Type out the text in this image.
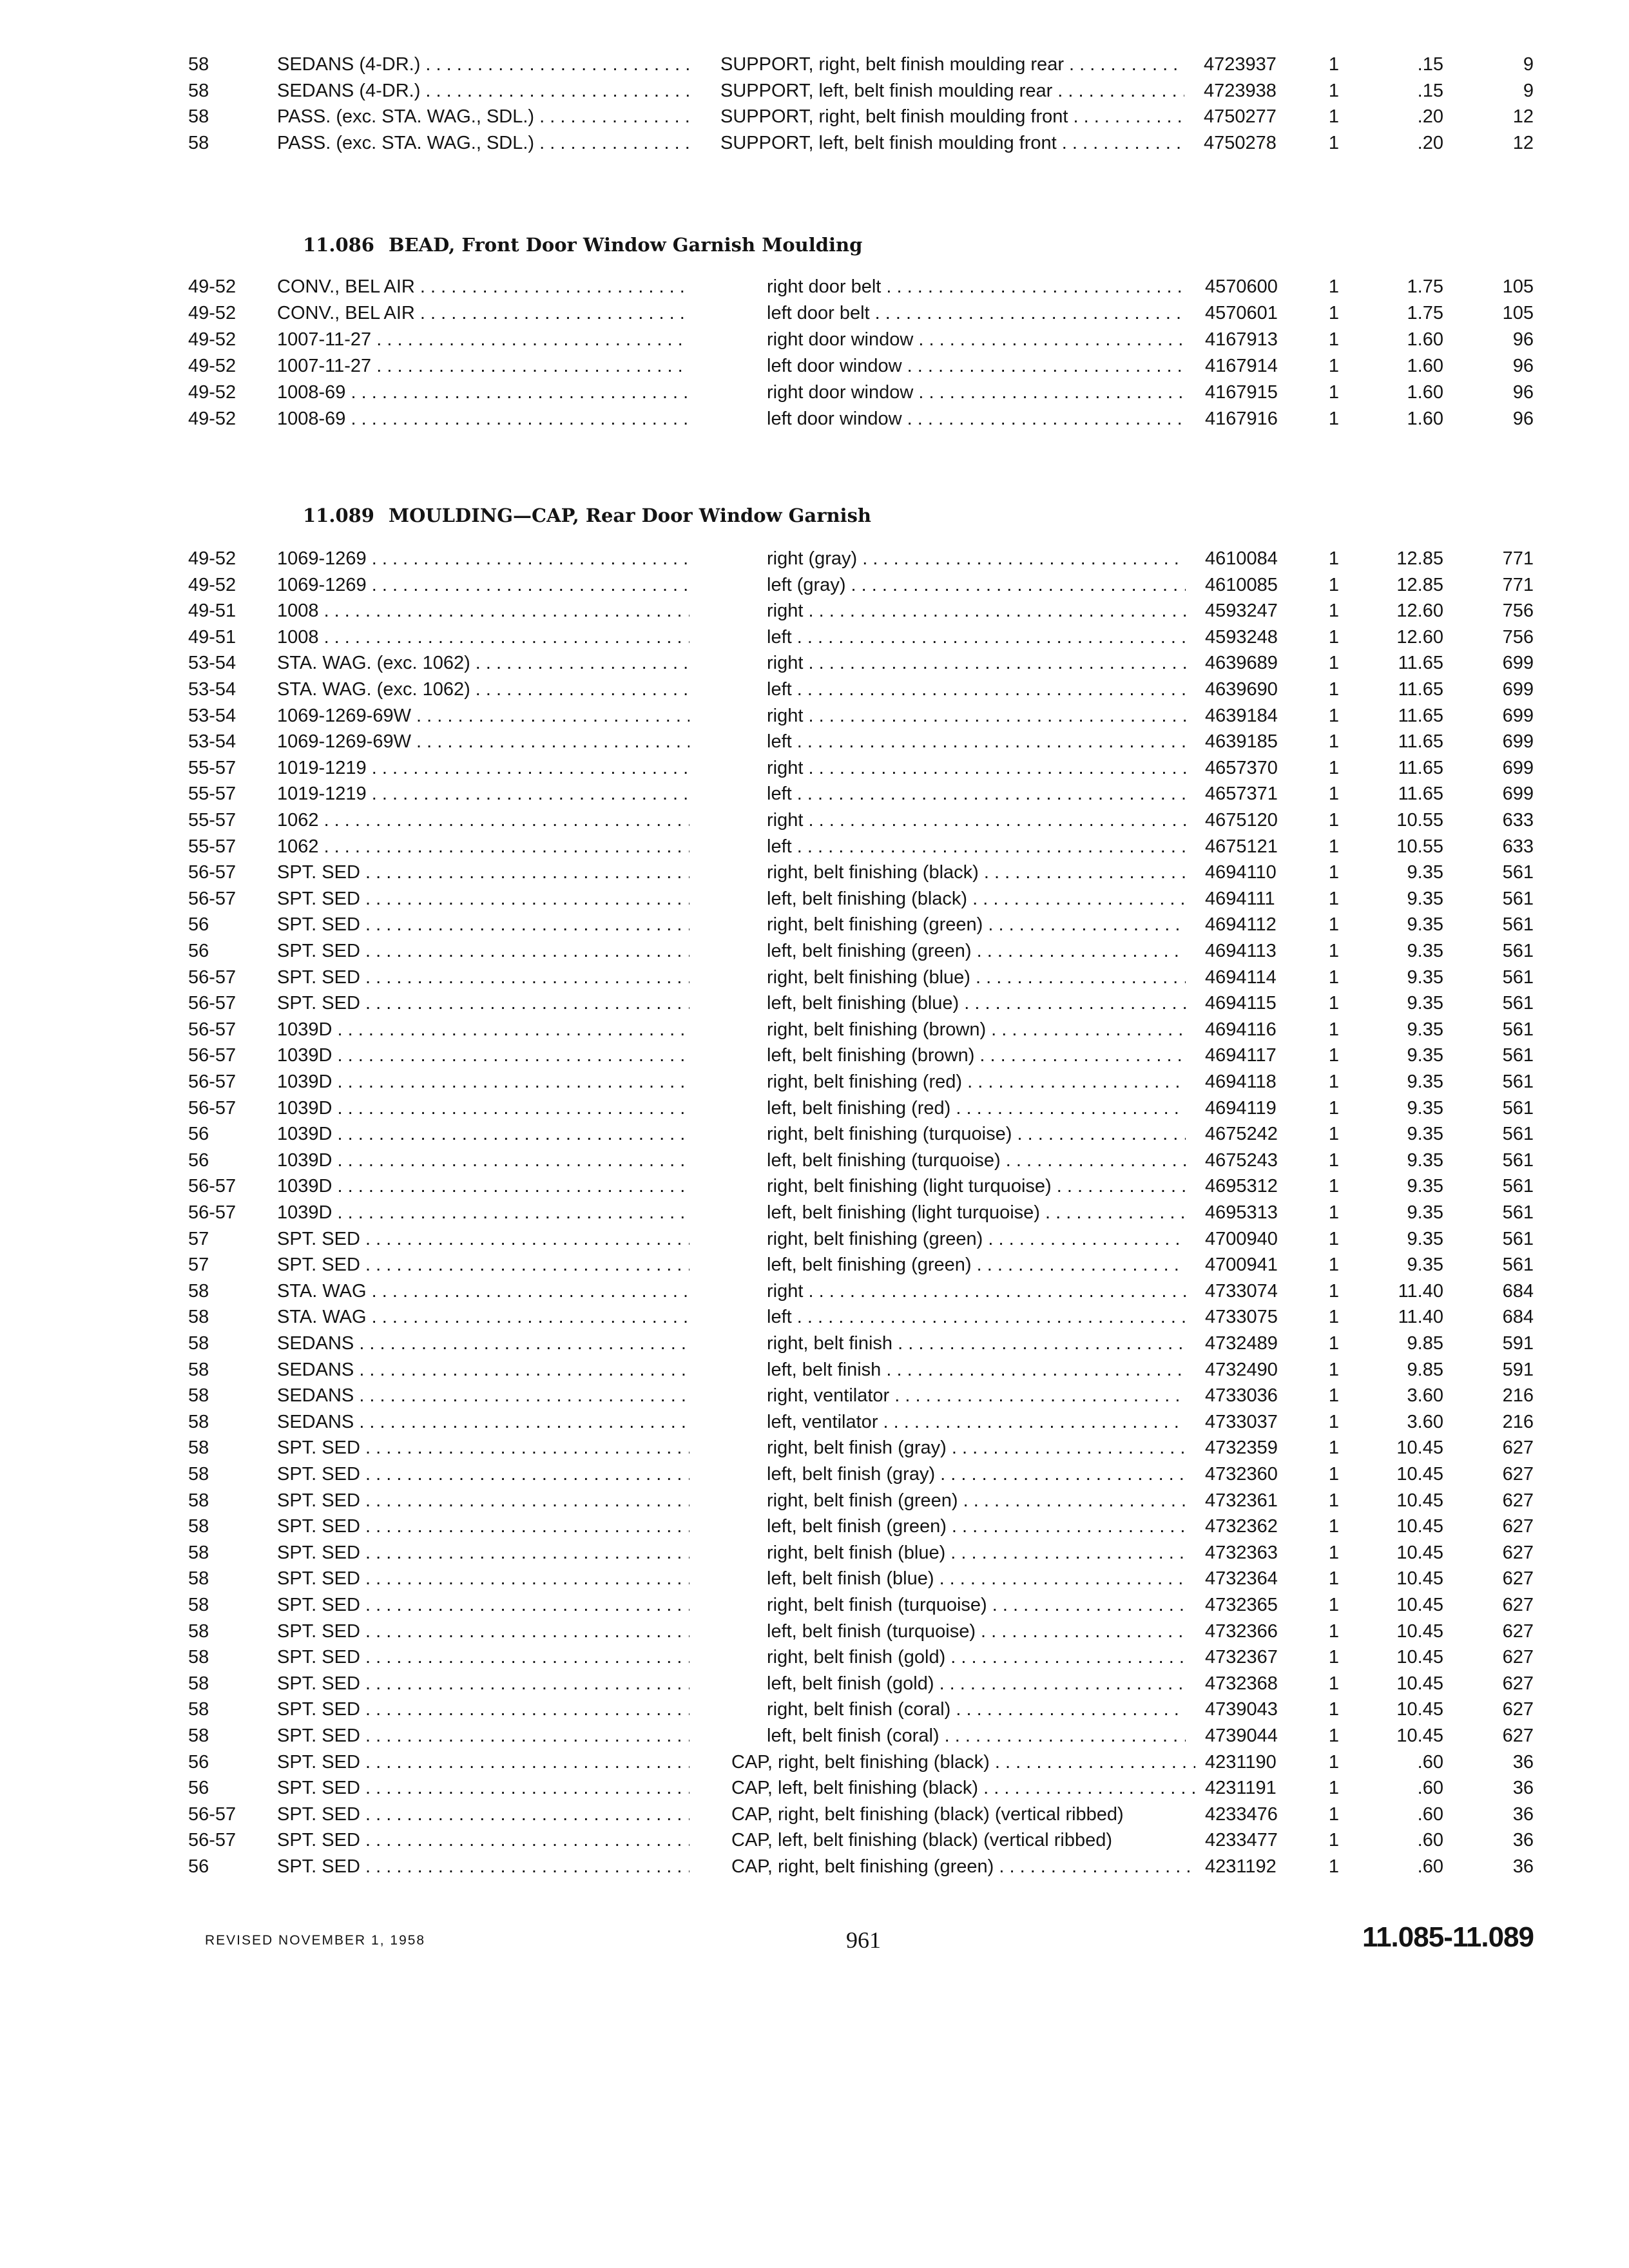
58	SEDANS (4-DR.) . . .	SUPPORT, right, belt finish moulding rear . . .	4723937	1	.15	9
58	SEDANS (4-DR.) . . .	SUPPORT, left, belt finish moulding rear . . .	4723938	1	.15	9
58	PASS. (exc. STA. WAG., SDL.) . . .	SUPPORT, right, belt finish moulding front . . .	4750277	1	.20	12
58	PASS. (exc. STA. WAG., SDL.) . . .	SUPPORT, left, belt finish moulding front . . .	4750278	1	.20	12
11.086 BEAD, Front Door Window Garnish Moulding
49-52 CONV., BEL AIR . . .	right door belt . . .	4570600	1	1.75	105
49-52 CONV., BEL AIR . . .	left door belt . . .	4570601	1	1.75	105
49-52 1007-11-27 . . .	right door window . . .	4167913	1	1.60	96
49-52 1007-11-27 . . .	left door window . . .	4167914	1	1.60	96
49-52 1008-69 . . .	right door window . . .	4167915	1	1.60	96
49-52 1008-69 . . .	left door window . . .	4167916	1	1.60	96
11.089 MOULDING—CAP, Rear Door Window Garnish
49-52 1069-1269 . . .	right (gray) . . .	4610084	1	12.85	771
49-52 1069-1269 . . .	left (gray) . . .	4610085	1	12.85	771
49-51 1008 . . .	right . . .	4593247	1	12.60	756
49-51 1008 . . .	left . . .	4593248	1	12.60	756
53-54 STA. WAG. (exc. 1062) . . .	right . . .	4639689	1	11.65	699
53-54 STA. WAG. (exc. 1062) . . .	left . . .	4639690	1	11.65	699
53-54 1069-1269-69W . . .	right . . .	4639184	1	11.65	699
53-54 1069-1269-69W . . .	left . . .	4639185	1	11.65	699
55-57 1019-1219 . . .	right . . .	4657370	1	11.65	699
55-57 1019-1219 . . .	left . . .	4657371	1	11.65	699
55-57 1062 . . .	right . . .	4675120	1	10.55	633
55-57 1062 . . .	left . . .	4675121	1	10.55	633
56-57 SPT. SED . . .	right, belt finishing (black) . . .	4694110	1	9.35	561
56-57 SPT. SED . . .	left, belt finishing (black) . . .	4694111	1	9.35	561
56	SPT. SED . . .	right, belt finishing (green) . . .	4694112	1	9.35	561
56	SPT. SED . . .	left, belt finishing (green) . . .	4694113	1	9.35	561
56-57 SPT. SED . . .	right, belt finishing (blue) . . .	4694114	1	9.35	561
56-57 SPT. SED . . .	left, belt finishing (blue) . . .	4694115	1	9.35	561
56-57 1039D . . .	right, belt finishing (brown) . . .	4694116	1	9.35	561
56-57 1039D . . .	left, belt finishing (brown) . . .	4694117	1	9.35	561
56-57 1039D . . .	right, belt finishing (red) . . .	4694118	1	9.35	561
56-57 1039D . . .	left, belt finishing (red) . . .	4694119	1	9.35	561
56	1039D . . .	right, belt finishing (turquoise) . . .	4675242	1	9.35	561
56	1039D . . .	left, belt finishing (turquoise) . . .	4675243	1	9.35	561
56-57 1039D . . .	right, belt finishing (light turquoise) . . .	4695312	1	9.35	561
56-57 1039D . . .	left, belt finishing (light turquoise) . . .	4695313	1	9.35	561
57	SPT. SED . . .	right, belt finishing (green) . . .	4700940	1	9.35	561
57	SPT. SED . . .	left, belt finishing (green) . . .	4700941	1	9.35	561
58	STA. WAG . . .	right . . .	4733074	1	11.40	684
58	STA. WAG . . .	left . . .	4733075	1	11.40	684
58	SEDANS . . .	right, belt finish . . .	4732489	1	9.85	591
58	SEDANS . . .	left, belt finish . . .	4732490	1	9.85	591
58	SEDANS . . .	right, ventilator . . .	4733036	1	3.60	216
58	SEDANS . . .	left, ventilator . . .	4733037	1	3.60	216
58	SPT. SED . . .	right, belt finish (gray) . . .	4732359	1	10.45	627
58	SPT. SED . . .	left, belt finish (gray) . . .	4732360	1	10.45	627
58	SPT. SED . . .	right, belt finish (green) . . .	4732361	1	10.45	627
58	SPT. SED . . .	left, belt finish (green) . . .	4732362	1	10.45	627
58	SPT. SED . . .	right, belt finish (blue) . . .	4732363	1	10.45	627
58	SPT. SED . . .	left, belt finish (blue) . . .	4732364	1	10.45	627
58	SPT. SED . . .	right, belt finish (turquoise) . . .	4732365	1	10.45	627
58	SPT. SED . . .	left, belt finish (turquoise) . . .	4732366	1	10.45	627
58	SPT. SED . . .	right, belt finish (gold) . . .	4732367	1	10.45	627
58	SPT. SED . . .	left, belt finish (gold) . . .	4732368	1	10.45	627
58	SPT. SED . . .	right, belt finish (coral) . . .	4739043	1	10.45	627
58	SPT. SED . . .	left, belt finish (coral) . . .	4739044	1	10.45	627
56	SPT. SED . . .	CAP, right, belt finishing (black) . . .	4231190	1	.60	36
56	SPT. SED . . .	CAP, left, belt finishing (black) . . .	4231191	1	.60	36
56-57 SPT. SED . . .	CAP, right, belt finishing (black) (vertical ribbed)	4233476	1	.60	36
56-57 SPT. SED . . .	CAP, left, belt finishing (black) (vertical ribbed)	4233477	1	.60	36
56	SPT. SED . . .	CAP, right, belt finishing (green) . . .	4231192	1	.60	36
REVISED NOVEMBER 1, 1958	961	11.085-11.089
